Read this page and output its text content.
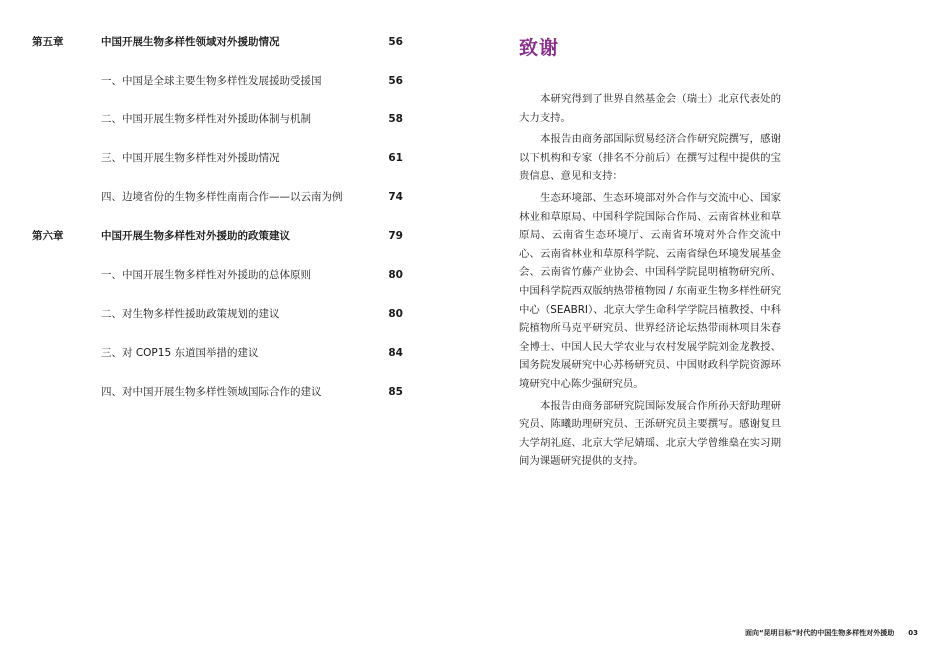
第五章	中国开展生物多样性领域对外援助情况	56
一、中国是全球主要生物多样性发展援助受援国	56
二、中国开展生物多样性对外援助体制与机制	58
三、中国开展生物多样性对外援助情况	61
四、边境省份的生物多样性南南合作——以云南为例	74
第六章	中国开展生物多样性对外援助的政策建议	79
一、中国开展生物多样性对外援助的总体原则	80
二、对生物多样性援助政策规划的建议	80
三、对 COP15 东道国举措的建议	84
四、对中国开展生物多样性领域国际合作的建议	85
致谢

本研究得到了世界自然基金会（瑞士）北京代表处的大力支持。

本报告由商务部国际贸易经济合作研究院撰写，感谢以下机构和专家（排名不分前后）在撰写过程中提供的宝贵信息、意见和支持：

生态环境部、生态环境部对外合作与交流中心、国家林业和草原局、中国科学院国际合作局、云南省林业和草原局、云南省生态环境厅、云南省环境对外合作交流中心、云南省林业和草原科学院、云南省绿色环境发展基金会、云南省竹藤产业协会、中国科学院昆明植物研究所、中国科学院西双版纳热带植物园 / 东南亚生物多样性研究中心（SEABRI）、北京大学生命科学学院吕植教授、中科院植物所马克平研究员、世界经济论坛热带雨林项目朱春全博士、中国人民大学农业与农村发展学院刘金龙教授、国务院发展研究中心苏杨研究员、中国财政科学院资源环境研究中心陈少强研究员。

本报告由商务部研究院国际发展合作所孙天舒助理研究员、陈曦助理研究员、王泺研究员主要撰写。感谢复旦大学胡礼庭、北京大学尼婧瑶、北京大学曾维燊在实习期间为课题研究提供的支持。

面向“昆明目标”时代的中国生物多样性对外援助 03
